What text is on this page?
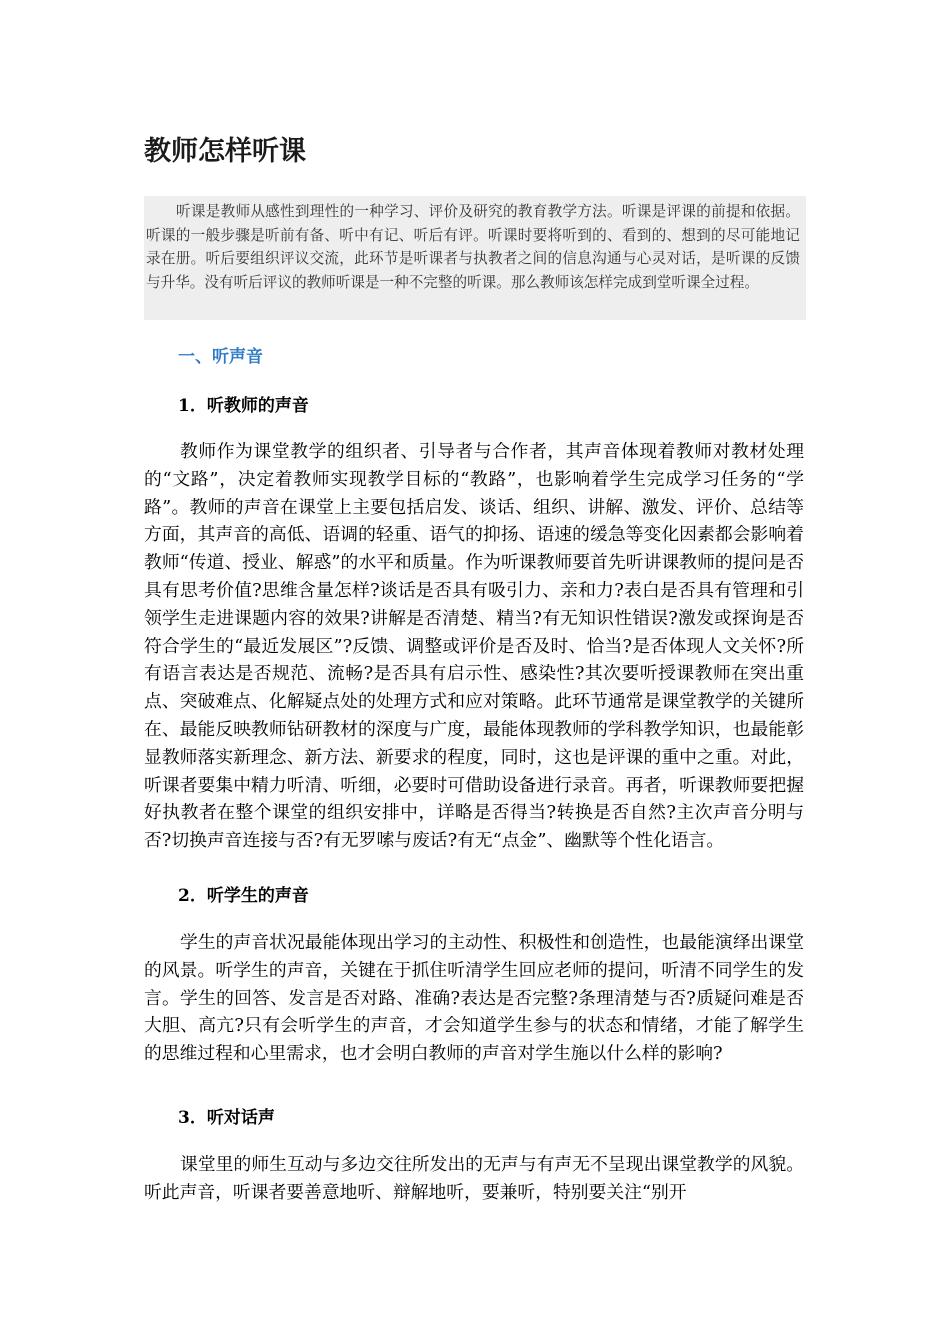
教师怎样听课
听课是教师从感性到理性的一种学习、评价及研究的教育教学方法。听课是评课的前提和依据。听课的一般步骤是听前有备、听中有记、听后有评。听课时要将听到的、看到的、想到的尽可能地记录在册。听后要组织评议交流，此环节是听课者与执教者之间的信息沟通与心灵对话，是听课的反馈与升华。没有听后评议的教师听课是一种不完整的听课。那么教师该怎样完成到堂听课全过程。
一、听声音
1．听教师的声音

教师作为课堂教学的组织者、引导者与合作者，其声音体现着教师对教材处理的“文路”，决定着教师实现教学目标的“教路”，也影响着学生完成学习任务的“学路”。教师的声音在课堂上主要包括启发、谈话、组织、讲解、激发、评价、总结等方面，其声音的高低、语调的轻重、语气的抑扬、语速的缓急等变化因素都会影响着教师“传道、授业、解惑”的水平和质量。作为听课教师要首先听讲课教师的提问是否具有思考价值?思维含量怎样?谈话是否具有吸引力、亲和力?表白是否具有管理和引领学生走进课题内容的效果?讲解是否清楚、精当?有无知识性错误?激发或探询是否符合学生的“最近发展区”?反馈、调整或评价是否及时、恰当?是否体现人文关怀?所有语言表达是否规范、流畅?是否具有启示性、感染性?其次要听授课教师在突出重点、突破难点、化解疑点处的处理方式和应对策略。此环节通常是课堂教学的关键所在、最能反映教师钻研教材的深度与广度，最能体现教师的学科教学知识，也最能彰显教师落实新理念、新方法、新要求的程度，同时，这也是评课的重中之重。对此，听课者要集中精力听清、听细，必要时可借助设备进行录音。再者，听课教师要把握好执教者在整个课堂的组织安排中，详略是否得当?转换是否自然?主次声音分明与否?切换声音连接与否?有无罗嗦与废话?有无“点金”、幽默等个性化语言。

2．听学生的声音

学生的声音状况最能体现出学习的主动性、积极性和创造性，也最能演绎出课堂的风景。听学生的声音，关键在于抓住听清学生回应老师的提问，听清不同学生的发言。学生的回答、发言是否对路、准确?表达是否完整?条理清楚与否?质疑问难是否大胆、高亢?只有会听学生的声音，才会知道学生参与的状态和情绪，才能了解学生的思维过程和心里需求，也才会明白教师的声音对学生施以什么样的影响?

3．听对话声

课堂里的师生互动与多边交往所发出的无声与有声无不呈现出课堂教学的风貌。听此声音，听课者要善意地听、辩解地听，要兼听，特别要关注“别开
